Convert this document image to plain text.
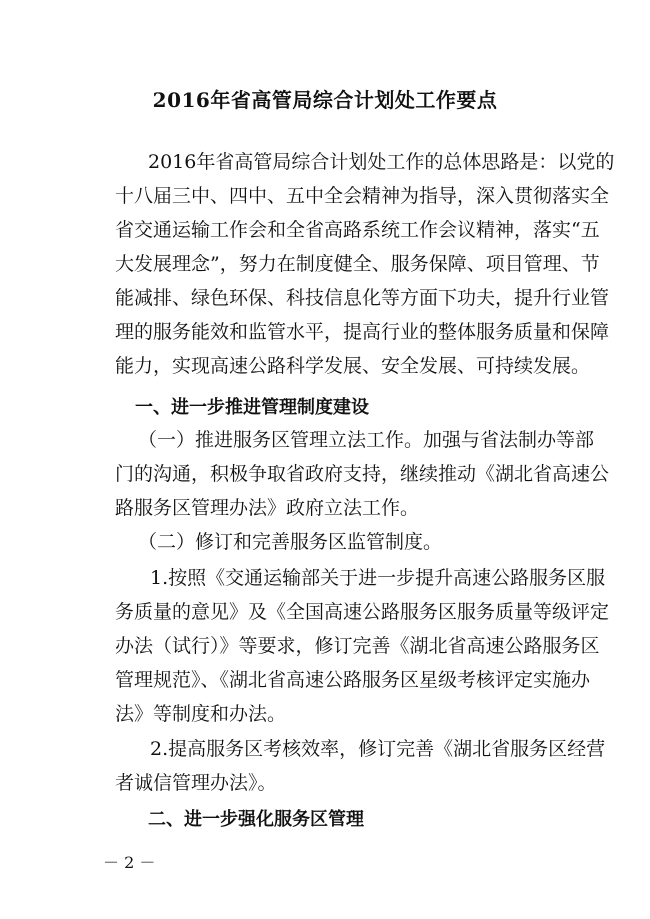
2016年省高管局综合计划处工作要点

2016年省高管局综合计划处工作的总体思路是：以党的

十八届三中、四中、五中全会精神为指导，深入贯彻落实全

省交通运输工作会和全省高路系统工作会议精神，落实“五

大发展理念”，努力在制度健全、服务保障、项目管理、节

能减排、绿色环保、科技信息化等方面下功夫，提升行业管

理的服务能效和监管水平，提高行业的整体服务质量和保障

能力，实现高速公路科学发展、安全发展、可持续发展。

一、进一步推进管理制度建设

（一）推进服务区管理立法工作。加强与省法制办等部

门的沟通，积极争取省政府支持，继续推动《湖北省高速公

路服务区管理办法》政府立法工作。

（二）修订和完善服务区监管制度。

1.按照《交通运输部关于进一步提升高速公路服务区服

务质量的意见》及《全国高速公路服务区服务质量等级评定

办法（试行）》等要求，修订完善《湖北省高速公路服务区

管理规范》、《湖北省高速公路服务区星级考核评定实施办

法》等制度和办法。

2.提高服务区考核效率，修订完善《湖北省服务区经营

者诚信管理办法》。

二、进一步强化服务区管理

－ 2 －
